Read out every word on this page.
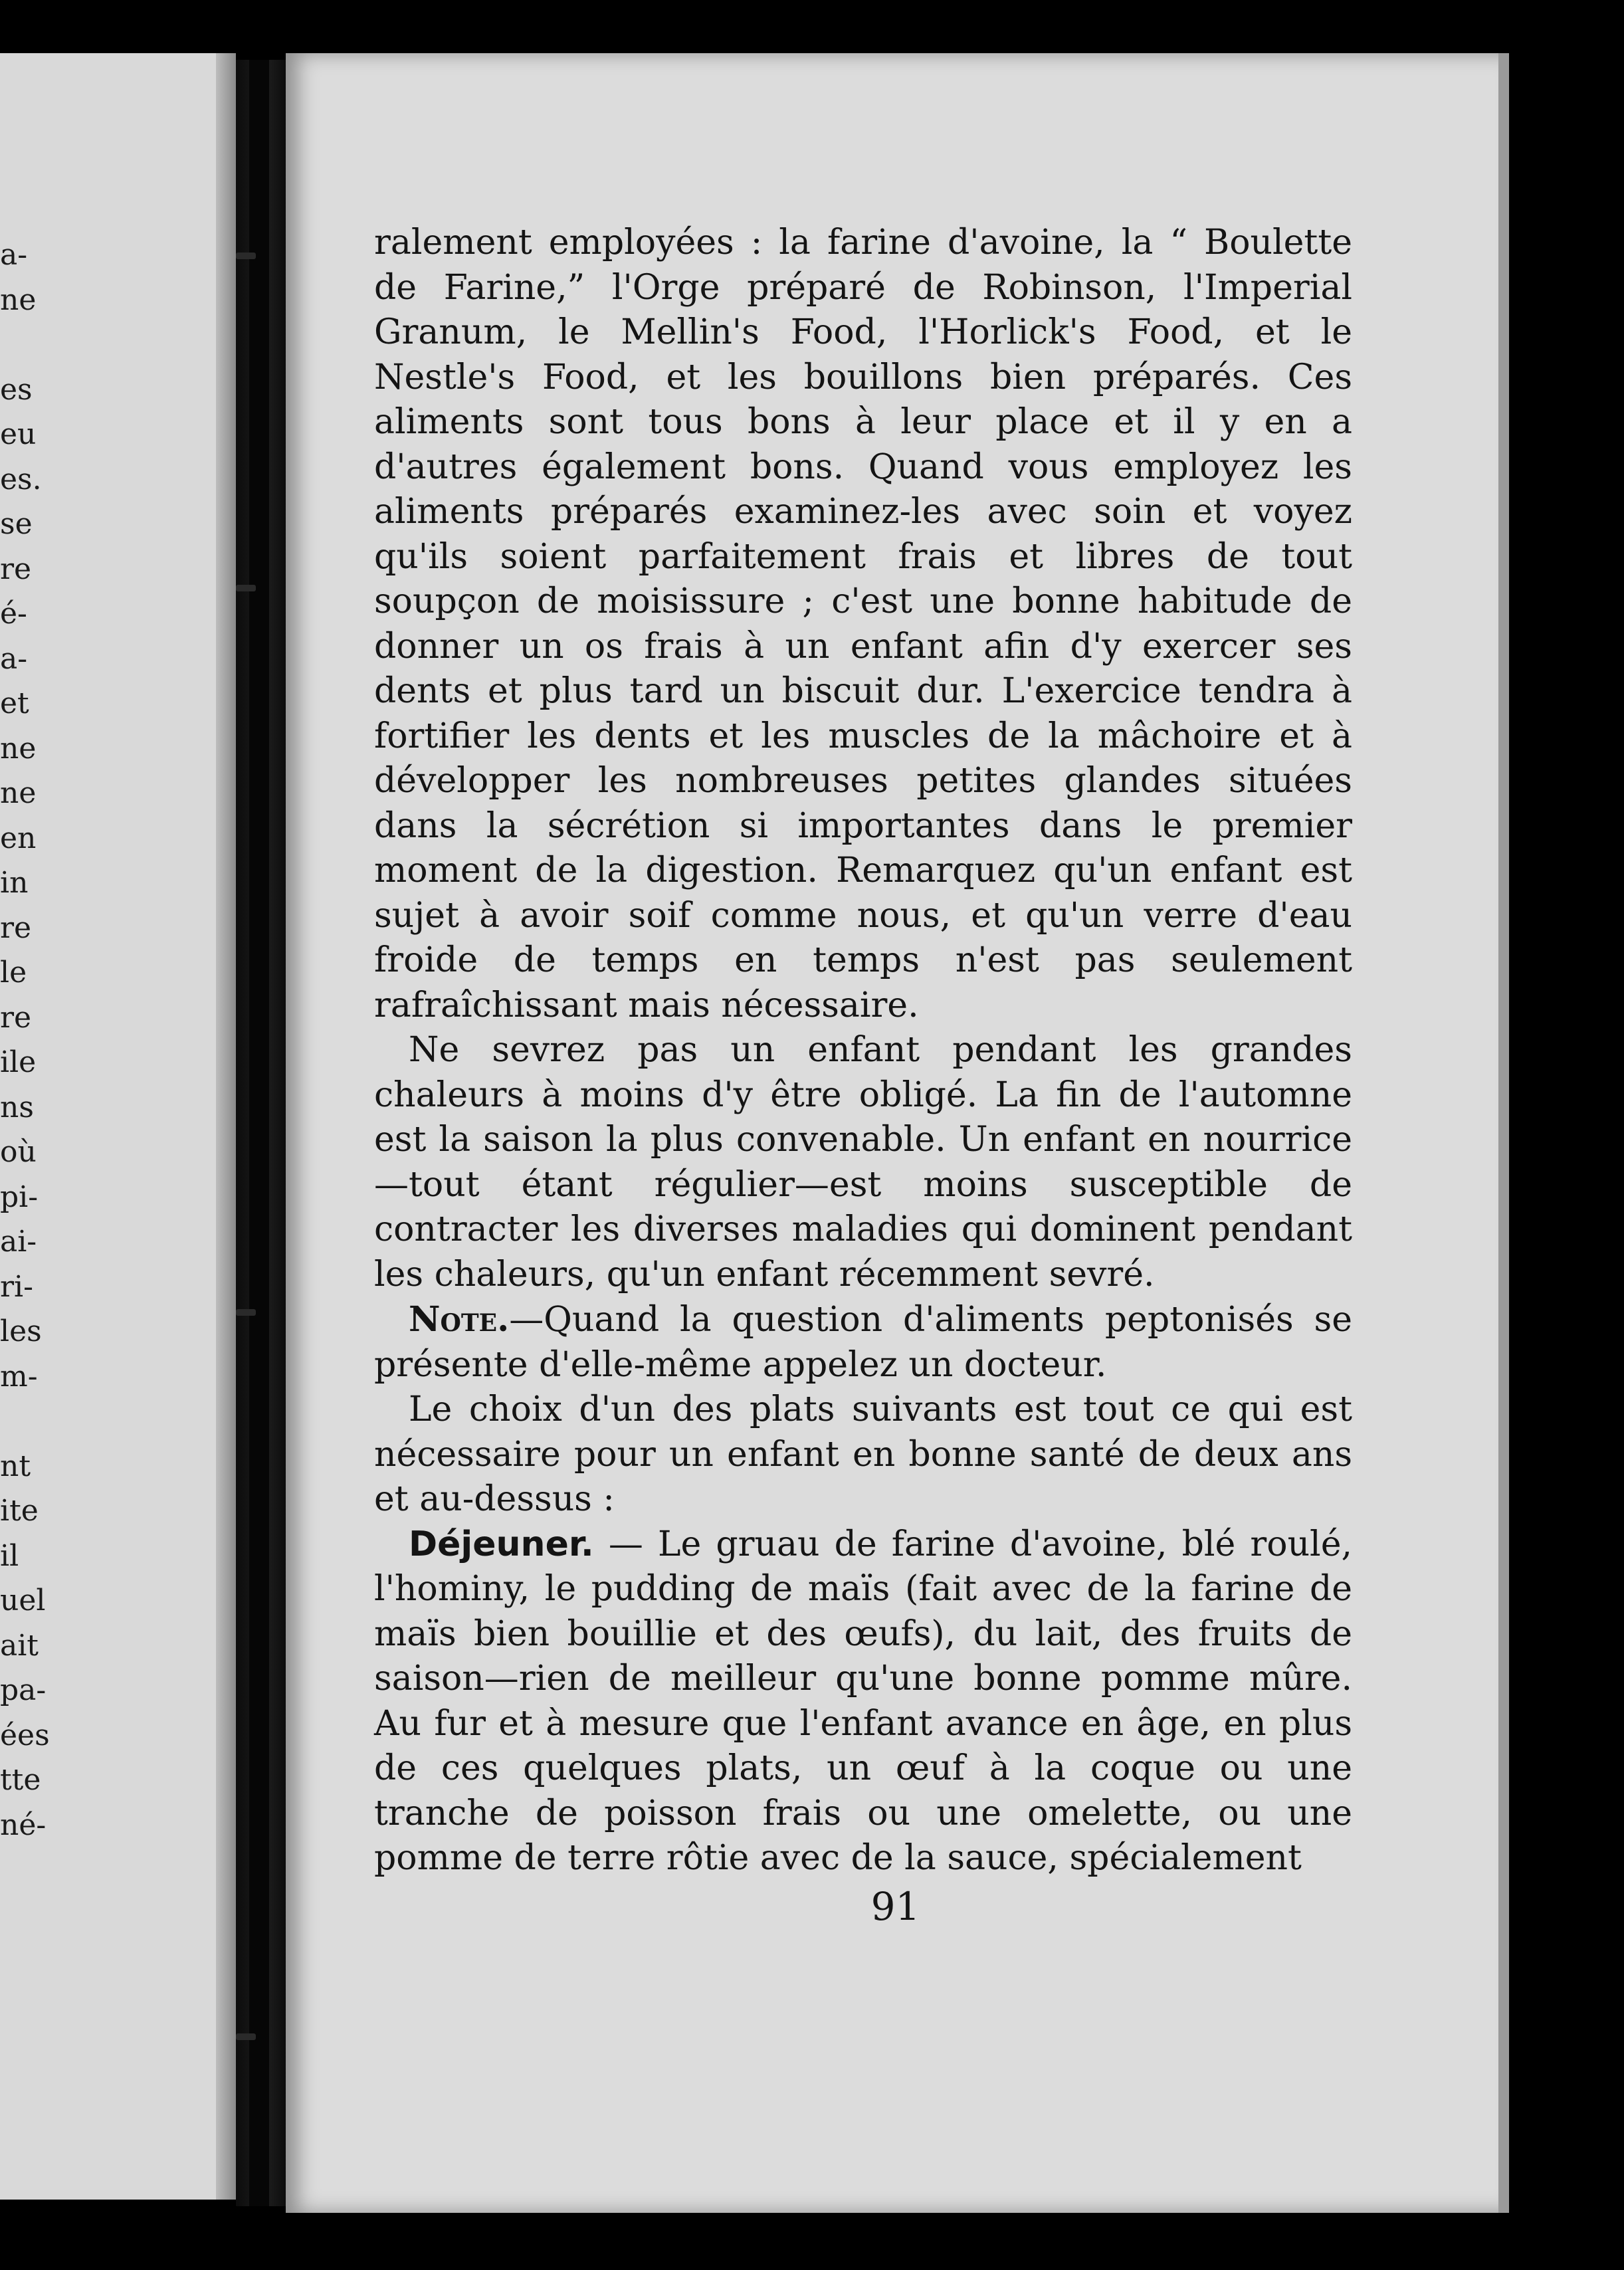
a-
ne
es
eu
es.
se
re
é-
a-
et
ne
ne
en
in
re
le
re
ile
ns
où
pi-
ai-
ri-
les
m-
nt
ite
il
uel
ait
pa-
ées
tte
né-

ralement employées : la farine d'avoine, la “ Boulette de Farine,” l'Orge préparé de Robinson, l'Imperial Granum, le Mellin's Food, l'Horlick's Food, et le Nestle's Food, et les bouillons bien préparés. Ces aliments sont tous bons à leur place et il y en a d'autres également bons. Quand vous employez les aliments préparés examinez-les avec soin et voyez qu'ils soient parfaitement frais et libres de tout soupçon de moisissure ; c'est une bonne habitude de donner un os frais à un enfant afin d'y exercer ses dents et plus tard un biscuit dur. L'exercice tendra à fortifier les dents et les muscles de la mâchoire et à développer les nombreuses petites glandes situées dans la sécrétion si importantes dans le premier moment de la digestion. Remarquez qu'un enfant est sujet à avoir soif comme nous, et qu'un verre d'eau froide de temps en temps n'est pas seulement rafraîchissant mais nécessaire.

Ne sevrez pas un enfant pendant les grandes chaleurs à moins d'y être obligé. La fin de l'automne est la saison la plus convenable. Un enfant en nourrice—tout étant régulier—est moins susceptible de contracter les diverses maladies qui dominent pendant les chaleurs, qu'un enfant récemment sevré.

Note.—Quand la question d'aliments peptonisés se présente d'elle-même appelez un docteur.

Le choix d'un des plats suivants est tout ce qui est nécessaire pour un enfant en bonne santé de deux ans et au-dessus :

Déjeuner. — Le gruau de farine d'avoine, blé roulé, l'hominy, le pudding de maïs (fait avec de la farine de maïs bien bouillie et des œufs), du lait, des fruits de saison—rien de meilleur qu'une bonne pomme mûre. Au fur et à mesure que l'enfant avance en âge, en plus de ces quelques plats, un œuf à la coque ou une tranche de poisson frais ou une omelette, ou une pomme de terre rôtie avec de la sauce, spécialement

91
